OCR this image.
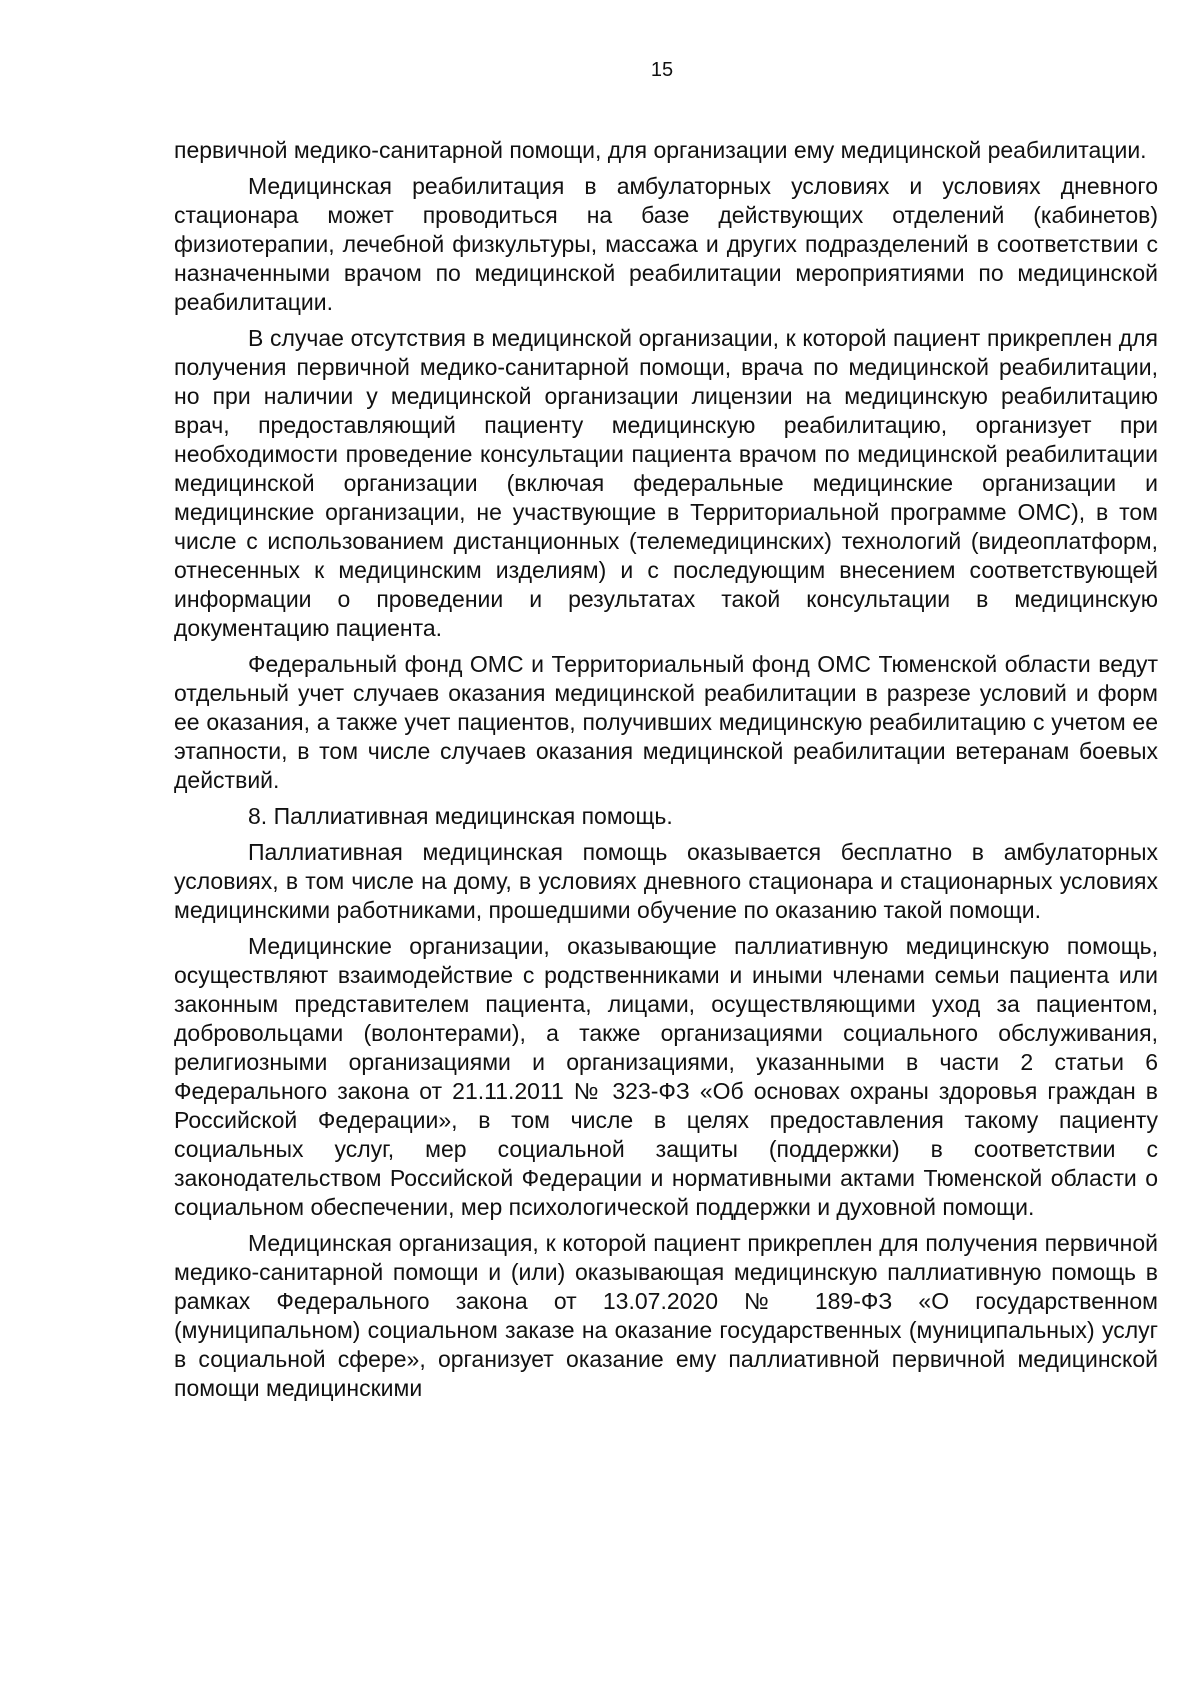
15

первичной медико-санитарной помощи, для организации ему медицинской реабилитации.

Медицинская реабилитация в амбулаторных условиях и условиях дневного стационара может проводиться на базе действующих отделений (кабинетов) физиотерапии, лечебной физкультуры, массажа и других подразделений в соответствии с назначенными врачом по медицинской реабилитации мероприятиями по медицинской реабилитации.

В случае отсутствия в медицинской организации, к которой пациент прикреплен для получения первичной медико-санитарной помощи, врача по медицинской реабилитации, но при наличии у медицинской организации лицензии на медицинскую реабилитацию врач, предоставляющий пациенту медицинскую реабилитацию, организует при необходимости проведение консультации пациента врачом по медицинской реабилитации медицинской организации (включая федеральные медицинские организации и медицинские организации, не участвующие в Территориальной программе ОМС), в том числе с использованием дистанционных (телемедицинских) технологий (видеоплатформ, отнесенных к медицинским изделиям) и с последующим внесением соответствующей информации о проведении и результатах такой консультации в медицинскую документацию пациента.

Федеральный фонд ОМС и Территориальный фонд ОМС Тюменской области ведут отдельный учет случаев оказания медицинской реабилитации в разрезе условий и форм ее оказания, а также учет пациентов, получивших медицинскую реабилитацию с учетом ее этапности, в том числе случаев оказания медицинской реабилитации ветеранам боевых действий.

8. Паллиативная медицинская помощь.

Паллиативная медицинская помощь оказывается бесплатно в амбулаторных условиях, в том числе на дому, в условиях дневного стационара и стационарных условиях медицинскими работниками, прошедшими обучение по оказанию такой помощи.

Медицинские организации, оказывающие паллиативную медицинскую помощь, осуществляют взаимодействие с родственниками и иными членами семьи пациента или законным представителем пациента, лицами, осуществляющими уход за пациентом, добровольцами (волонтерами), а также организациями социального обслуживания, религиозными организациями и организациями, указанными в части 2 статьи 6 Федерального закона от 21.11.2011 № 323-ФЗ «Об основах охраны здоровья граждан в Российской Федерации», в том числе в целях предоставления такому пациенту социальных услуг, мер социальной защиты (поддержки) в соответствии с законодательством Российской Федерации и нормативными актами Тюменской области о социальном обеспечении, мер психологической поддержки и духовной помощи.

Медицинская организация, к которой пациент прикреплен для получения первичной медико-санитарной помощи и (или) оказывающая медицинскую паллиативную помощь в рамках Федерального закона от 13.07.2020 № 189-ФЗ «О государственном (муниципальном) социальном заказе на оказание государственных (муниципальных) услуг в социальной сфере», организует оказание ему паллиативной первичной медицинской помощи медицинскими
